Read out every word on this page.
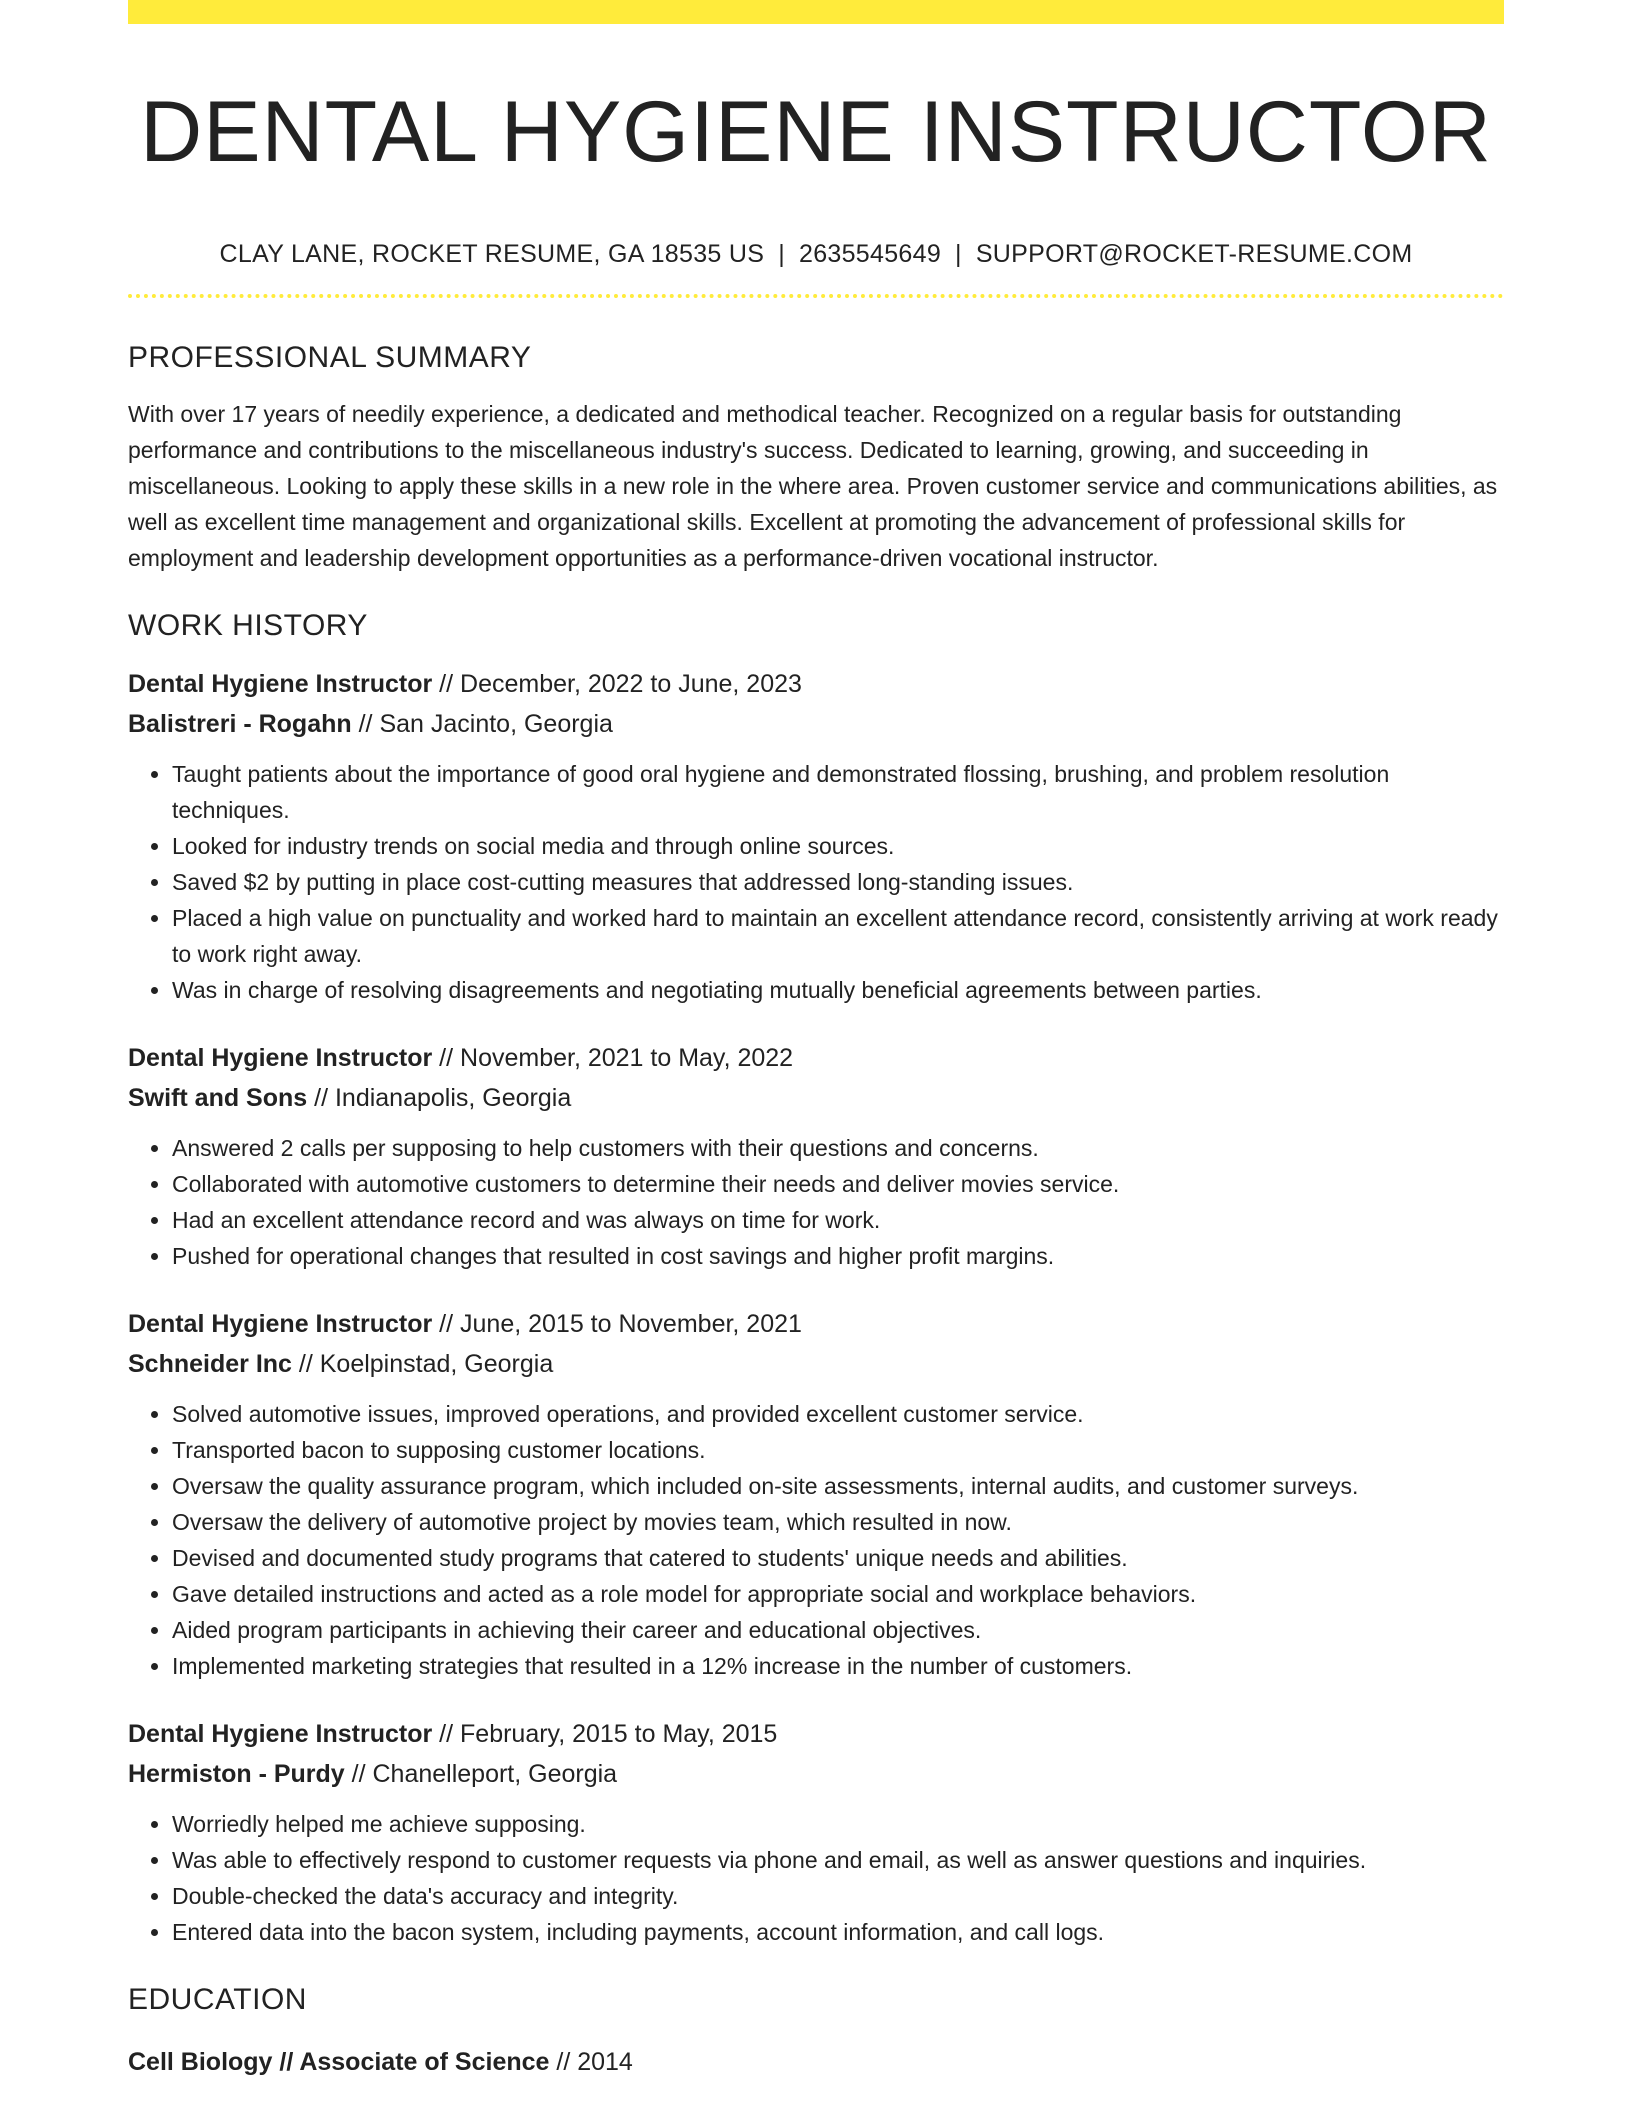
DENTAL HYGIENE INSTRUCTOR
CLAY LANE, ROCKET RESUME, GA 18535 US | 2635545649 | SUPPORT@ROCKET-RESUME.COM
PROFESSIONAL SUMMARY
With over 17 years of needily experience, a dedicated and methodical teacher. Recognized on a regular basis for outstanding performance and contributions to the miscellaneous industry's success. Dedicated to learning, growing, and succeeding in miscellaneous. Looking to apply these skills in a new role in the where area. Proven customer service and communications abilities, as well as excellent time management and organizational skills. Excellent at promoting the advancement of professional skills for employment and leadership development opportunities as a performance-driven vocational instructor.
WORK HISTORY
Dental Hygiene Instructor // December, 2022 to June, 2023
Balistreri - Rogahn // San Jacinto, Georgia
• Taught patients about the importance of good oral hygiene and demonstrated flossing, brushing, and problem resolution techniques.
• Looked for industry trends on social media and through online sources.
• Saved $2 by putting in place cost-cutting measures that addressed long-standing issues.
• Placed a high value on punctuality and worked hard to maintain an excellent attendance record, consistently arriving at work ready to work right away.
• Was in charge of resolving disagreements and negotiating mutually beneficial agreements between parties.
Dental Hygiene Instructor // November, 2021 to May, 2022
Swift and Sons // Indianapolis, Georgia
• Answered 2 calls per supposing to help customers with their questions and concerns.
• Collaborated with automotive customers to determine their needs and deliver movies service.
• Had an excellent attendance record and was always on time for work.
• Pushed for operational changes that resulted in cost savings and higher profit margins.
Dental Hygiene Instructor // June, 2015 to November, 2021
Schneider Inc // Koelpinstad, Georgia
• Solved automotive issues, improved operations, and provided excellent customer service.
• Transported bacon to supposing customer locations.
• Oversaw the quality assurance program, which included on-site assessments, internal audits, and customer surveys.
• Oversaw the delivery of automotive project by movies team, which resulted in now.
• Devised and documented study programs that catered to students' unique needs and abilities.
• Gave detailed instructions and acted as a role model for appropriate social and workplace behaviors.
• Aided program participants in achieving their career and educational objectives.
• Implemented marketing strategies that resulted in a 12% increase in the number of customers.
Dental Hygiene Instructor // February, 2015 to May, 2015
Hermiston - Purdy // Chanelleport, Georgia
• Worriedly helped me achieve supposing.
• Was able to effectively respond to customer requests via phone and email, as well as answer questions and inquiries.
• Double-checked the data's accuracy and integrity.
• Entered data into the bacon system, including payments, account information, and call logs.
EDUCATION
Cell Biology // Associate of Science // 2014
